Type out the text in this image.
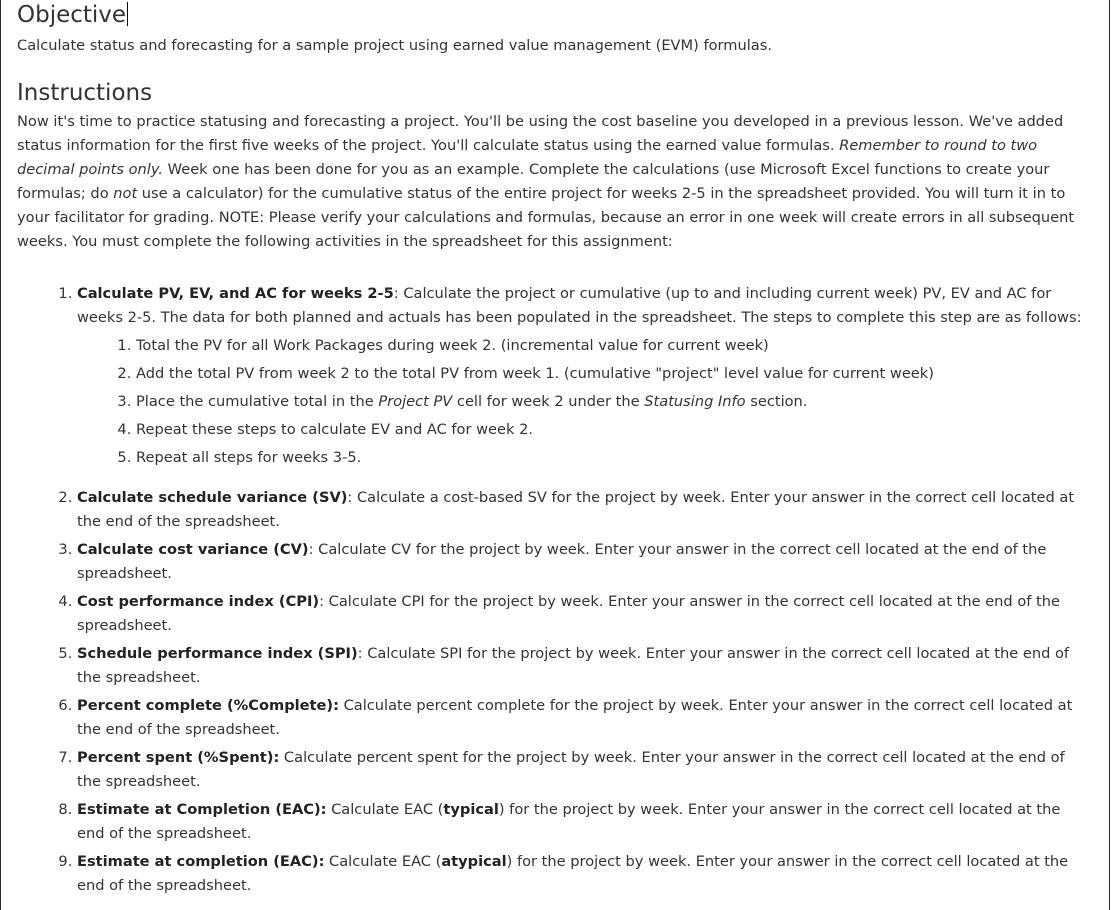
Objective

Calculate status and forecasting for a sample project using earned value management (EVM) formulas.

Instructions

Now it's time to practice statusing and forecasting a project. You'll be using the cost baseline you developed in a previous lesson. We've added status information for the first five weeks of the project. You'll calculate status using the earned value formulas. Remember to round to two decimal points only. Week one has been done for you as an example. Complete the calculations (use Microsoft Excel functions to create your formulas; do not use a calculator) for the cumulative status of the entire project for weeks 2-5 in the spreadsheet provided. You will turn it in to your facilitator for grading. NOTE: Please verify your calculations and formulas, because an error in one week will create errors in all subsequent weeks. You must complete the following activities in the spreadsheet for this assignment:

1. Calculate PV, EV, and AC for weeks 2-5: Calculate the project or cumulative (up to and including current week) PV, EV and AC for weeks 2-5. The data for both planned and actuals has been populated in the spreadsheet. The steps to complete this step are as follows:
1. Total the PV for all Work Packages during week 2. (incremental value for current week)
2. Add the total PV from week 2 to the total PV from week 1. (cumulative "project" level value for current week)
3. Place the cumulative total in the Project PV cell for week 2 under the Statusing Info section.
4. Repeat these steps to calculate EV and AC for week 2.
5. Repeat all steps for weeks 3-5.
2. Calculate schedule variance (SV): Calculate a cost-based SV for the project by week. Enter your answer in the correct cell located at the end of the spreadsheet.
3. Calculate cost variance (CV): Calculate CV for the project by week. Enter your answer in the correct cell located at the end of the spreadsheet.
4. Cost performance index (CPI): Calculate CPI for the project by week. Enter your answer in the correct cell located at the end of the spreadsheet.
5. Schedule performance index (SPI): Calculate SPI for the project by week. Enter your answer in the correct cell located at the end of the spreadsheet.
6. Percent complete (%Complete): Calculate percent complete for the project by week. Enter your answer in the correct cell located at the end of the spreadsheet.
7. Percent spent (%Spent): Calculate percent spent for the project by week. Enter your answer in the correct cell located at the end of the spreadsheet.
8. Estimate at Completion (EAC): Calculate EAC (typical) for the project by week. Enter your answer in the correct cell located at the end of the spreadsheet.
9. Estimate at completion (EAC): Calculate EAC (atypical) for the project by week. Enter your answer in the correct cell located at the end of the spreadsheet.
